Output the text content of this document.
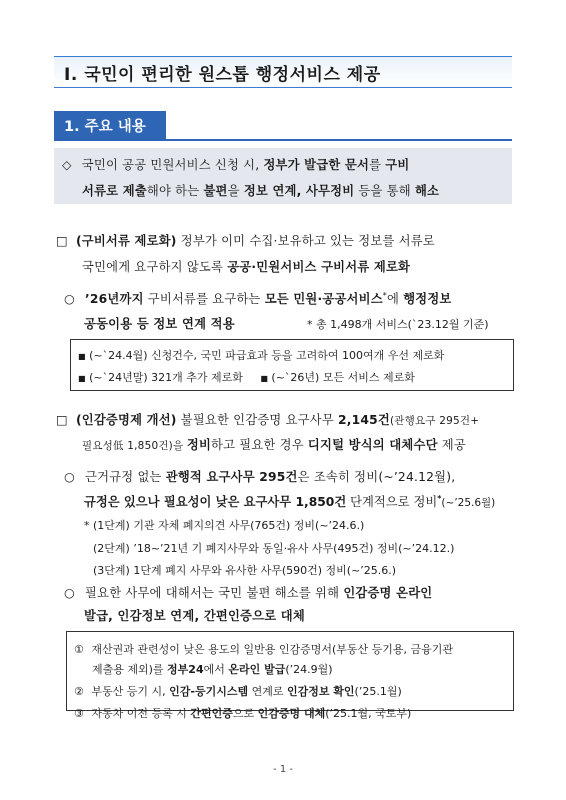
Ⅰ. 국민이 편리한 원스톱 행정서비스 제공
1. 주요 내용
◇ 국민이 공공 민원서비스 신청 시, 정부가 발급한 문서를 구비
서류로 제출해야 하는 불편을 정보 연계, 사무정비 등을 통해 해소
□ (구비서류 제로화) 정부가 이미 수집·보유하고 있는 정보를 서류로
국민에게 요구하지 않도록 공공·민원서비스 구비서류 제로화
○ ’26년까지 구비서류를 요구하는 모든 민원·공공서비스*에 행정정보
공동이용 등 정보 연계 적용	* 총 1,498개 서비스(`23.12월 기준)
■ (~`24.4월) 신청건수, 국민 파급효과 등을 고려하여 100여개 우선 제로화
■ (~`24년말) 321개 추가 제로화 ■ (~`26년) 모든 서비스 제로화
□ (인감증명제 개선) 불필요한 인감증명 요구사무 2,145건(관행요구 295건+
필요성低 1,850건)을 정비하고 필요한 경우 디지털 방식의 대체수단 제공
○ 근거규정 없는 관행적 요구사무 295건은 조속히 정비(~’24.12월),
규정은 있으나 필요성이 낮은 요구사무 1,850건 단계적으로 정비*(~’25.6월)
* (1단계) 기관 자체 폐지의견 사무(765건) 정비(~’24.6.)
(2단계) ’18~’21년 기 폐지사무와 동일·유사 사무(495건) 정비(~’24.12.)
(3단계) 1단계 폐지 사무와 유사한 사무(590건) 정비(~’25.6.)
○ 필요한 사무에 대해서는 국민 불편 해소를 위해 인감증명 온라인
발급, 인감정보 연계, 간편인증으로 대체
① 재산권과 관련성이 낮은 용도의 일반용 인감증명서(부동산 등기용, 금융기관
제출용 제외)를 정부24에서 온라인 발급(’24.9월)
② 부동산 등기 시, 인감-등기시스템 연계로 인감정보 확인(’25.1월)
③ 자동차 이전 등록 시 간편인증으로 인감증명 대체(’25.1월, 국토부)
- 1 -
